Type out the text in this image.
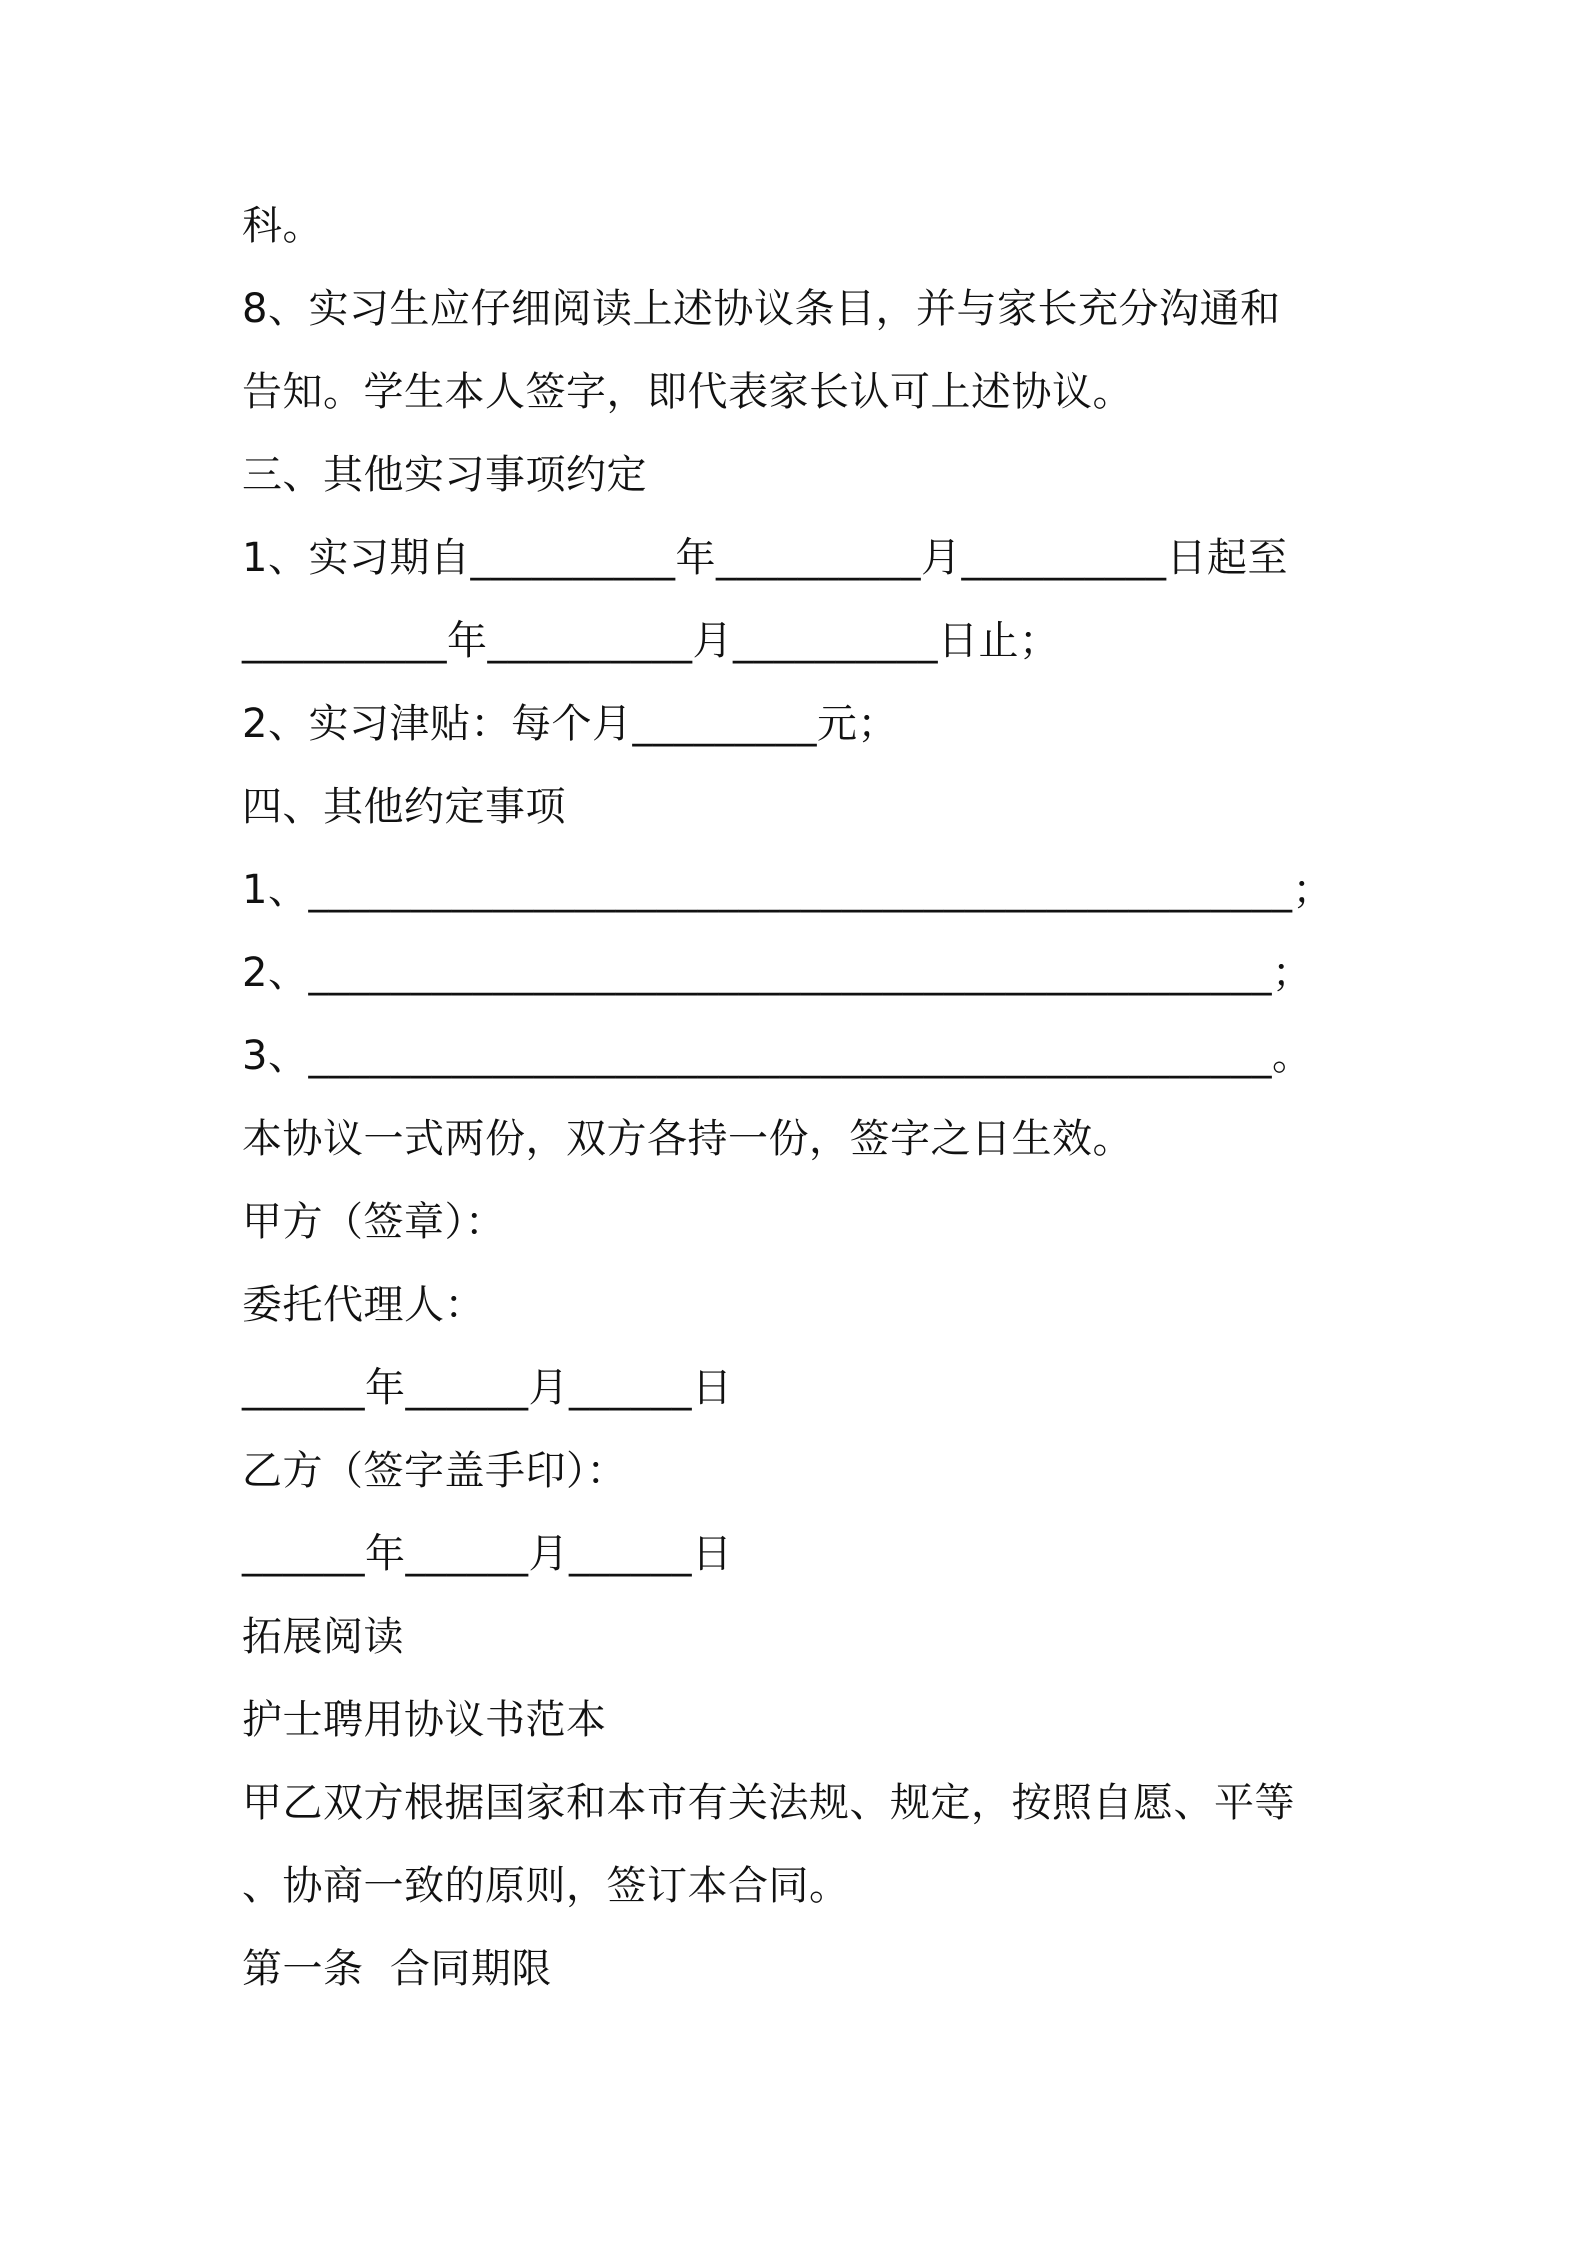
科。
8、实习生应仔细阅读上述协议条目，并与家长充分沟通和
告知。学生本人签字，即代表家长认可上述协议。
三、其他实习事项约定
1、实习期自__________年__________月__________日起至
__________年__________月__________日止；
2、实习津贴：每个月_________元；
四、其他约定事项
1、________________________________________________；
2、_______________________________________________；
3、_______________________________________________。
本协议一式两份，双方各持一份，签字之日生效。
甲方（签章）：
委托代理人：
______年______月______日
乙方（签字盖手印）：
______年______月______日
拓展阅读
护士聘用协议书范本
甲乙双方根据国家和本市有关法规、规定，按照自愿、平等
、协商一致的原则，签订本合同。
第一条  合同期限
